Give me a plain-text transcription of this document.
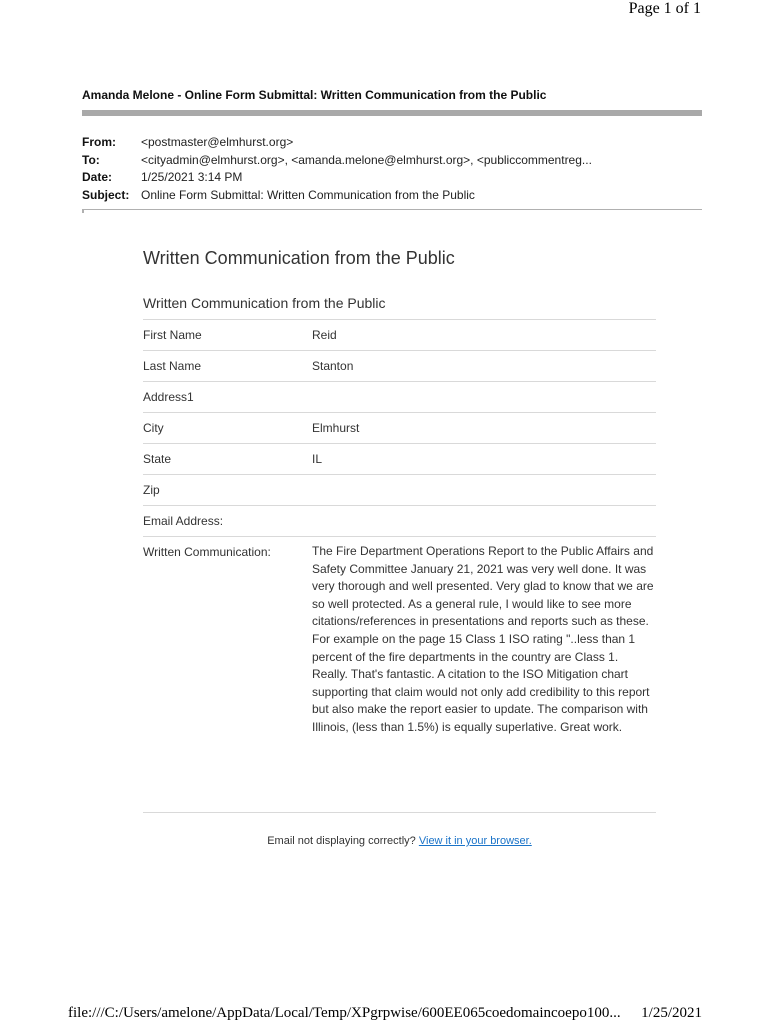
Page 1 of 1
Amanda Melone - Online Form Submittal: Written Communication from the Public
From:	<postmaster@elmhurst.org>
To:	<cityadmin@elmhurst.org>, <amanda.melone@elmhurst.org>, <publiccommentreg...
Date:	1/25/2021 3:14 PM
Subject: Online Form Submittal: Written Communication from the Public
Written Communication from the Public
Written Communication from the Public
First Name	Reid
Last Name	Stanton
Address1
City	Elmhurst
State	IL
Zip
Email Address:
Written Communication:	The Fire Department Operations Report to the Public Affairs and Safety Committee January 21, 2021 was very well done. It was very thorough and well presented. Very glad to know that we are so well protected. As a general rule, I would like to see more citations/references in presentations and reports such as these. For example on the page 15 Class 1 ISO rating "..less than 1 percent of the fire departments in the country are Class 1. Really. That's fantastic. A citation to the ISO Mitigation chart supporting that claim would not only add credibility to this report but also make the report easier to update. The comparison with Illinois, (less than 1.5%) is equally superlative. Great work.
Email not displaying correctly? View it in your browser.
file:///C:/Users/amelone/AppData/Local/Temp/XPgrpwise/600EE065coedomaincoepo100... 1/25/2021
